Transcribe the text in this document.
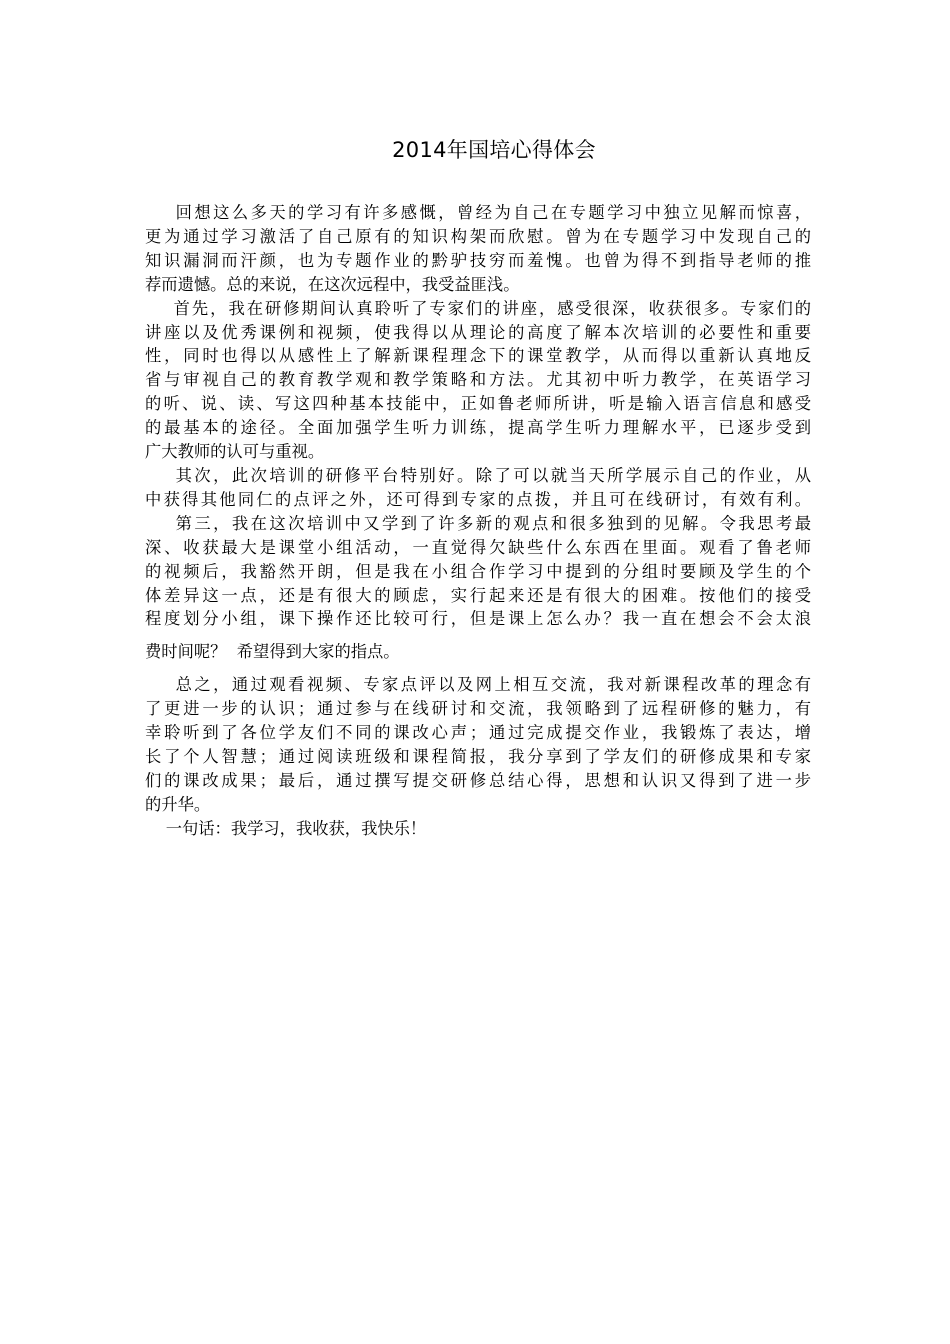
2014年国培心得体会
回想这么多天的学习有许多感慨，曾经为自己在专题学习中独立见解而惊喜，
更为通过学习激活了自己原有的知识构架而欣慰。曾为在专题学习中发现自己的
知识漏洞而汗颜，也为专题作业的黔驴技穷而羞愧。也曾为得不到指导老师的推
荐而遗憾。总的来说，在这次远程中，我受益匪浅。
首先，我在研修期间认真聆听了专家们的讲座，感受很深，收获很多。专家们的
讲座以及优秀课例和视频，使我得以从理论的高度了解本次培训的必要性和重要
性，同时也得以从感性上了解新课程理念下的课堂教学，从而得以重新认真地反
省与审视自己的教育教学观和教学策略和方法。尤其初中听力教学，在英语学习
的听、说、读、写这四种基本技能中，正如鲁老师所讲，听是输入语言信息和感受
的最基本的途径。全面加强学生听力训练，提高学生听力理解水平，已逐步受到
广大教师的认可与重视。
其次，此次培训的研修平台特别好。除了可以就当天所学展示自己的作业，从
中获得其他同仁的点评之外，还可得到专家的点拨，并且可在线研讨，有效有利。
第三，我在这次培训中又学到了许多新的观点和很多独到的见解。令我思考最
深、收获最大是课堂小组活动，一直觉得欠缺些什么东西在里面。观看了鲁老师
的视频后，我豁然开朗，但是我在小组合作学习中提到的分组时要顾及学生的个
体差异这一点，还是有很大的顾虑，实行起来还是有很大的困难。按他们的接受
程度划分小组，课下操作还比较可行，但是课上怎么办？我一直在想会不会太浪
费时间呢？  希望得到大家的指点。
总之，通过观看视频、专家点评以及网上相互交流，我对新课程改革的理念有
了更进一步的认识；通过参与在线研讨和交流，我领略到了远程研修的魅力，有
幸聆听到了各位学友们不同的课改心声；通过完成提交作业，我锻炼了表达，增
长了个人智慧；通过阅读班级和课程简报，我分享到了学友们的研修成果和专家
们的课改成果；最后，通过撰写提交研修总结心得，思想和认识又得到了进一步
的升华。
一句话：我学习，我收获，我快乐！
